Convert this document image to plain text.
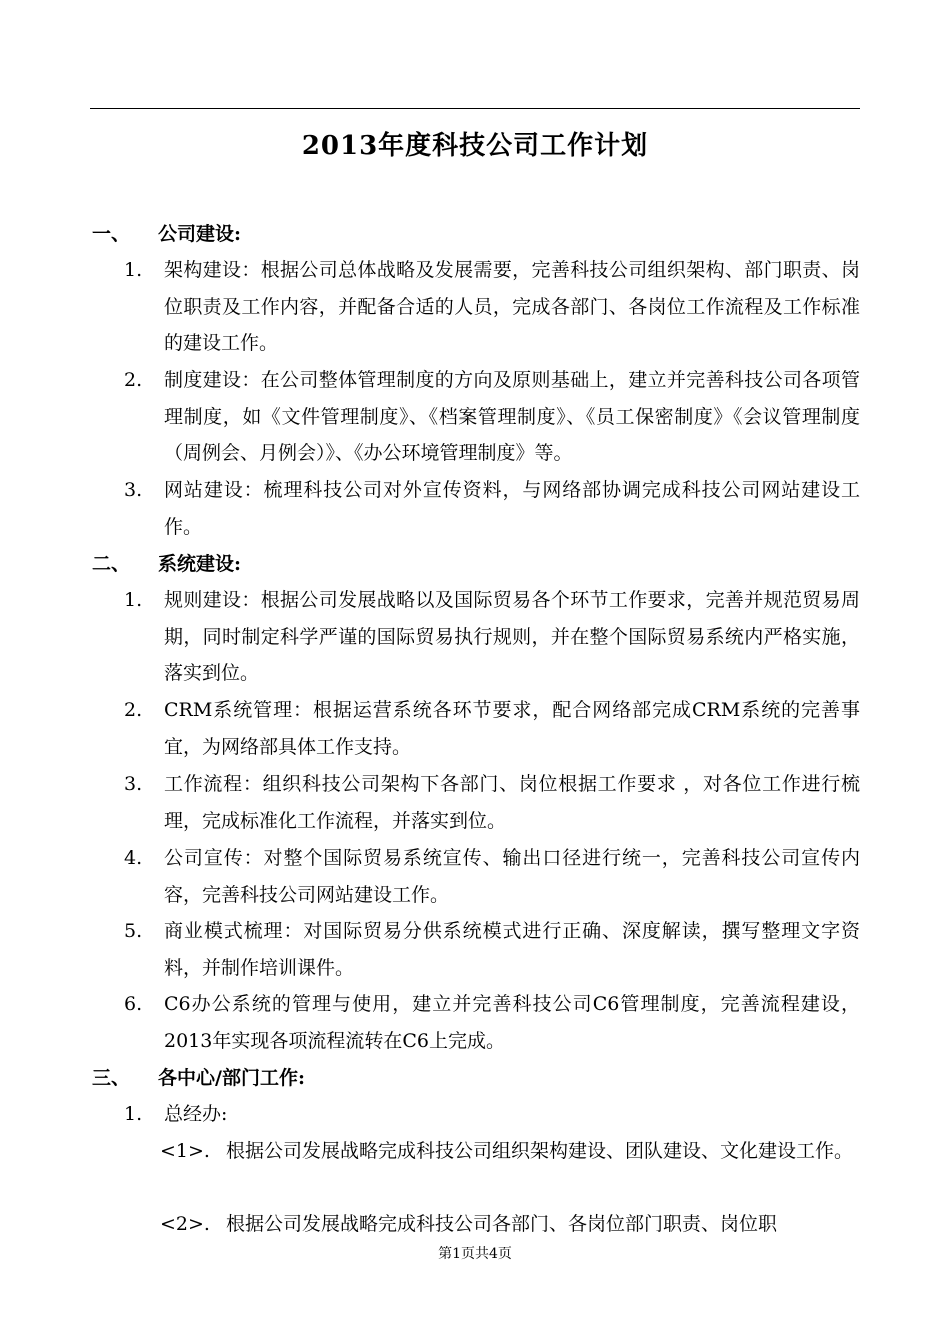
2013年度科技公司工作计划
一、 公司建设:
1.	架构建设：根据公司总体战略及发展需要，完善科技公司组织架构、部门职责、岗位职责及工作内容，并配备合适的人员，完成各部门、各岗位工作流程及工作标准的建设工作。
2.	制度建设：在公司整体管理制度的方向及原则基础上，建立并完善科技公司各项管理制度，如《文件管理制度》、《档案管理制度》、《员工保密制度》《会议管理制度（周例会、月例会）》、《办公环境管理制度》等。
3.	网站建设：梳理科技公司对外宣传资料，与网络部协调完成科技公司网站建设工作。
二、 系统建设:
1.	规则建设：根据公司发展战略以及国际贸易各个环节工作要求，完善并规范贸易周期，同时制定科学严谨的国际贸易执行规则，并在整个国际贸易系统内严格实施，落实到位。
2.	CRM系统管理：根据运营系统各环节要求，配合网络部完成CRM系统的完善事宜，为网络部具体工作支持。
3.	工作流程：组织科技公司架构下各部门、岗位根据工作要求 ，对各位工作进行梳理，完成标准化工作流程，并落实到位。
4.	公司宣传：对整个国际贸易系统宣传、输出口径进行统一，完善科技公司宣传内容，完善科技公司网站建设工作。
5.	商业模式梳理：对国际贸易分供系统模式进行正确、深度解读，撰写整理文字资料，并制作培训课件。
6.	C6办公系统的管理与使用，建立并完善科技公司C6管理制度，完善流程建设，2013年实现各项流程流转在C6上完成。
三、 各中心/部门工作:
1.	总经办:
<1>. 根据公司发展战略完成科技公司组织架构建设、团队建设、文化建设工作。
<2>. 根据公司发展战略完成科技公司各部门、各岗位部门职责、岗位职
第1页共4页
